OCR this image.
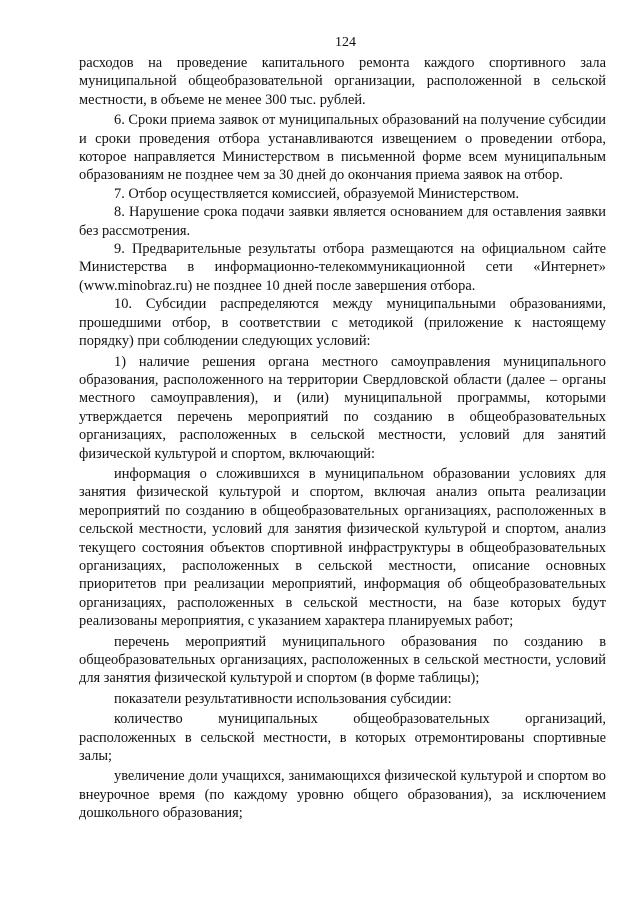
124

расходов на проведение капитального ремонта каждого спортивного зала муниципальной общеобразовательной организации, расположенной в сельской местности, в объеме не менее 300 тыс. рублей.

6. Сроки приема заявок от муниципальных образований на получение субсидии и сроки проведения отбора устанавливаются извещением о проведении отбора, которое направляется Министерством в письменной форме всем муниципальным образованиям не позднее чем за 30 дней до окончания приема заявок на отбор.

7. Отбор осуществляется комиссией, образуемой Министерством.

8. Нарушение срока подачи заявки является основанием для оставления заявки без рассмотрения.

9. Предварительные результаты отбора размещаются на официальном сайте Министерства в информационно-телекоммуникационной сети «Интернет» (www.minobraz.ru) не позднее 10 дней после завершения отбора.

10. Субсидии распределяются между муниципальными образованиями, прошедшими отбор, в соответствии с методикой (приложение к настоящему порядку) при соблюдении следующих условий:

1) наличие решения органа местного самоуправления муниципального образования, расположенного на территории Свердловской области (далее – органы местного самоуправления), и (или) муниципальной программы, которыми утверждается перечень мероприятий по созданию в общеобразовательных организациях, расположенных в сельской местности, условий для занятий физической культурой и спортом, включающий:

информация о сложившихся в муниципальном образовании условиях для занятия физической культурой и спортом, включая анализ опыта реализации мероприятий по созданию в общеобразовательных организациях, расположенных в сельской местности, условий для занятия физической культурой и спортом, анализ текущего состояния объектов спортивной инфраструктуры в общеобразовательных организациях, расположенных в сельской местности, описание основных приоритетов при реализации мероприятий, информация об общеобразовательных организациях, расположенных в сельской местности, на базе которых будут реализованы мероприятия, с указанием характера планируемых работ;

перечень мероприятий муниципального образования по созданию в общеобразовательных организациях, расположенных в сельской местности, условий для занятия физической культурой и спортом (в форме таблицы);

показатели результативности использования субсидии:

количество муниципальных общеобразовательных организаций, расположенных в сельской местности, в которых отремонтированы спортивные залы;

увеличение доли учащихся, занимающихся физической культурой и спортом во внеурочное время (по каждому уровню общего образования), за исключением дошкольного образования;
